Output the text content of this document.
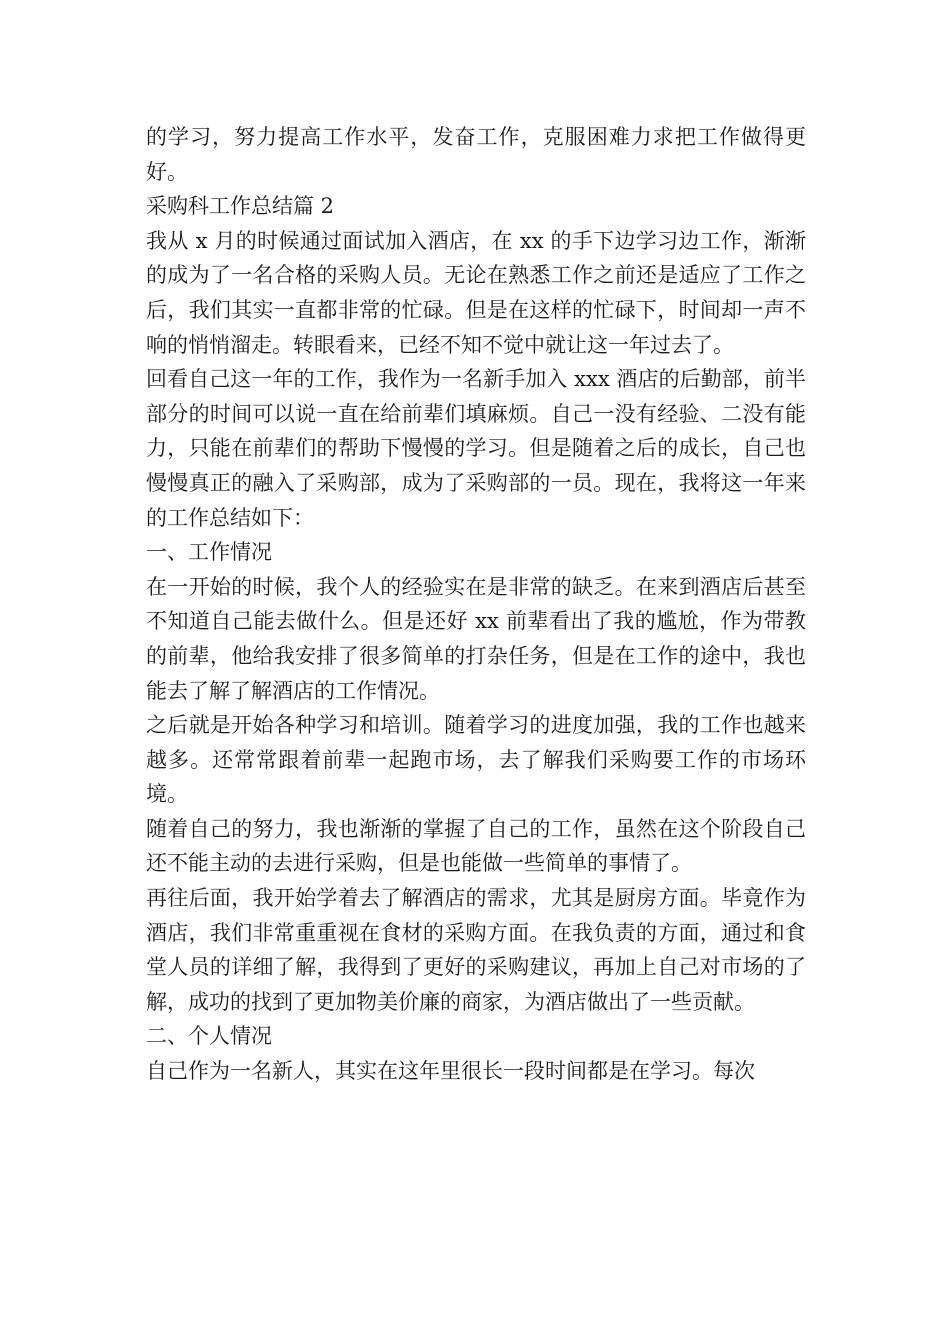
的学习，努力提高工作水平，发奋工作，克服困难力求把工作做得更好。

采购科工作总结篇 2

我从 x 月的时候通过面试加入酒店，在 xx 的手下边学习边工作，渐渐的成为了一名合格的采购人员。无论在熟悉工作之前还是适应了工作之后，我们其实一直都非常的忙碌。但是在这样的忙碌下，时间却一声不响的悄悄溜走。转眼看来，已经不知不觉中就让这一年过去了。

回看自己这一年的工作，我作为一名新手加入 xxx 酒店的后勤部，前半部分的时间可以说一直在给前辈们填麻烦。自己一没有经验、二没有能力，只能在前辈们的帮助下慢慢的学习。但是随着之后的成长，自己也慢慢真正的融入了采购部，成为了采购部的一员。现在，我将这一年来的工作总结如下：

一、工作情况

在一开始的时候，我个人的经验实在是非常的缺乏。在来到酒店后甚至不知道自己能去做什么。但是还好 xx 前辈看出了我的尴尬，作为带教的前辈，他给我安排了很多简单的打杂任务，但是在工作的途中，我也能去了解了解酒店的工作情况。

之后就是开始各种学习和培训。随着学习的进度加强，我的工作也越来越多。还常常跟着前辈一起跑市场，去了解我们采购要工作的市场环境。

随着自己的努力，我也渐渐的掌握了自己的工作，虽然在这个阶段自己还不能主动的去进行采购，但是也能做一些简单的事情了。

再往后面，我开始学着去了解酒店的需求，尤其是厨房方面。毕竟作为酒店，我们非常重重视在食材的采购方面。在我负责的方面，通过和食堂人员的详细了解，我得到了更好的采购建议，再加上自己对市场的了解，成功的找到了更加物美价廉的商家，为酒店做出了一些贡献。

二、个人情况

自己作为一名新人，其实在这年里很长一段时间都是在学习。每次
